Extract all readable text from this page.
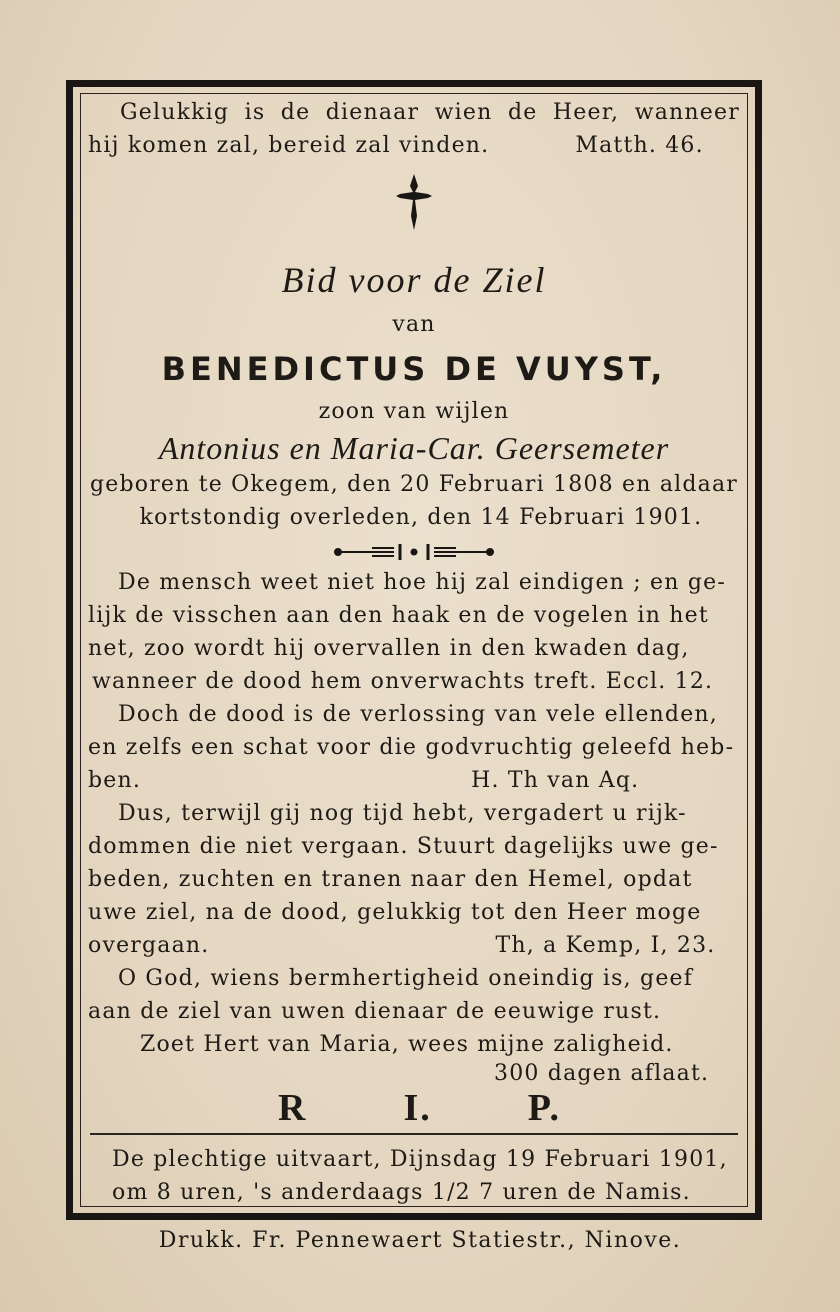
Gelukkig is de dienaar wien de Heer, wanneer
hij komen zal, bereid zal vinden.	Matth. 46.
Bid voor de Ziel
van
BENEDICTUS DE VUYST,
zoon van wijlen
Antonius en Maria-Car. Geersemeter
geboren te Okegem, den 20 Februari 1808 en aldaar
kortstondig overleden, den 14 Februari 1901.
De mensch weet niet hoe hij zal eindigen ; en ge-
lijk de visschen aan den haak en de vogelen in het
net, zoo wordt hij overvallen in den kwaden dag,
wanneer de dood hem onverwachts treft. Eccl. 12.
Doch de dood is de verlossing van vele ellenden,
en zelfs een schat voor die godvruchtig geleefd heb-
ben.	H. Th van Aq.
Dus, terwijl gij nog tijd hebt, vergadert u rijk-
dommen die niet vergaan. Stuurt dagelijks uwe ge-
beden, zuchten en tranen naar den Hemel, opdat
uwe ziel, na de dood, gelukkig tot den Heer moge
overgaan.	Th, a Kemp, I, 23.
O God, wiens bermhertigheid oneindig is, geef
aan de ziel van uwen dienaar de eeuwige rust.
Zoet Hert van Maria, wees mijne zaligheid.
300 dagen aflaat.
R	I.	P.
De plechtige uitvaart, Dijnsdag 19 Februari 1901,
om 8 uren, 's anderdaags 1/2 7 uren de Namis.
Drukk. Fr. Pennewaert Statiestr., Ninove.
